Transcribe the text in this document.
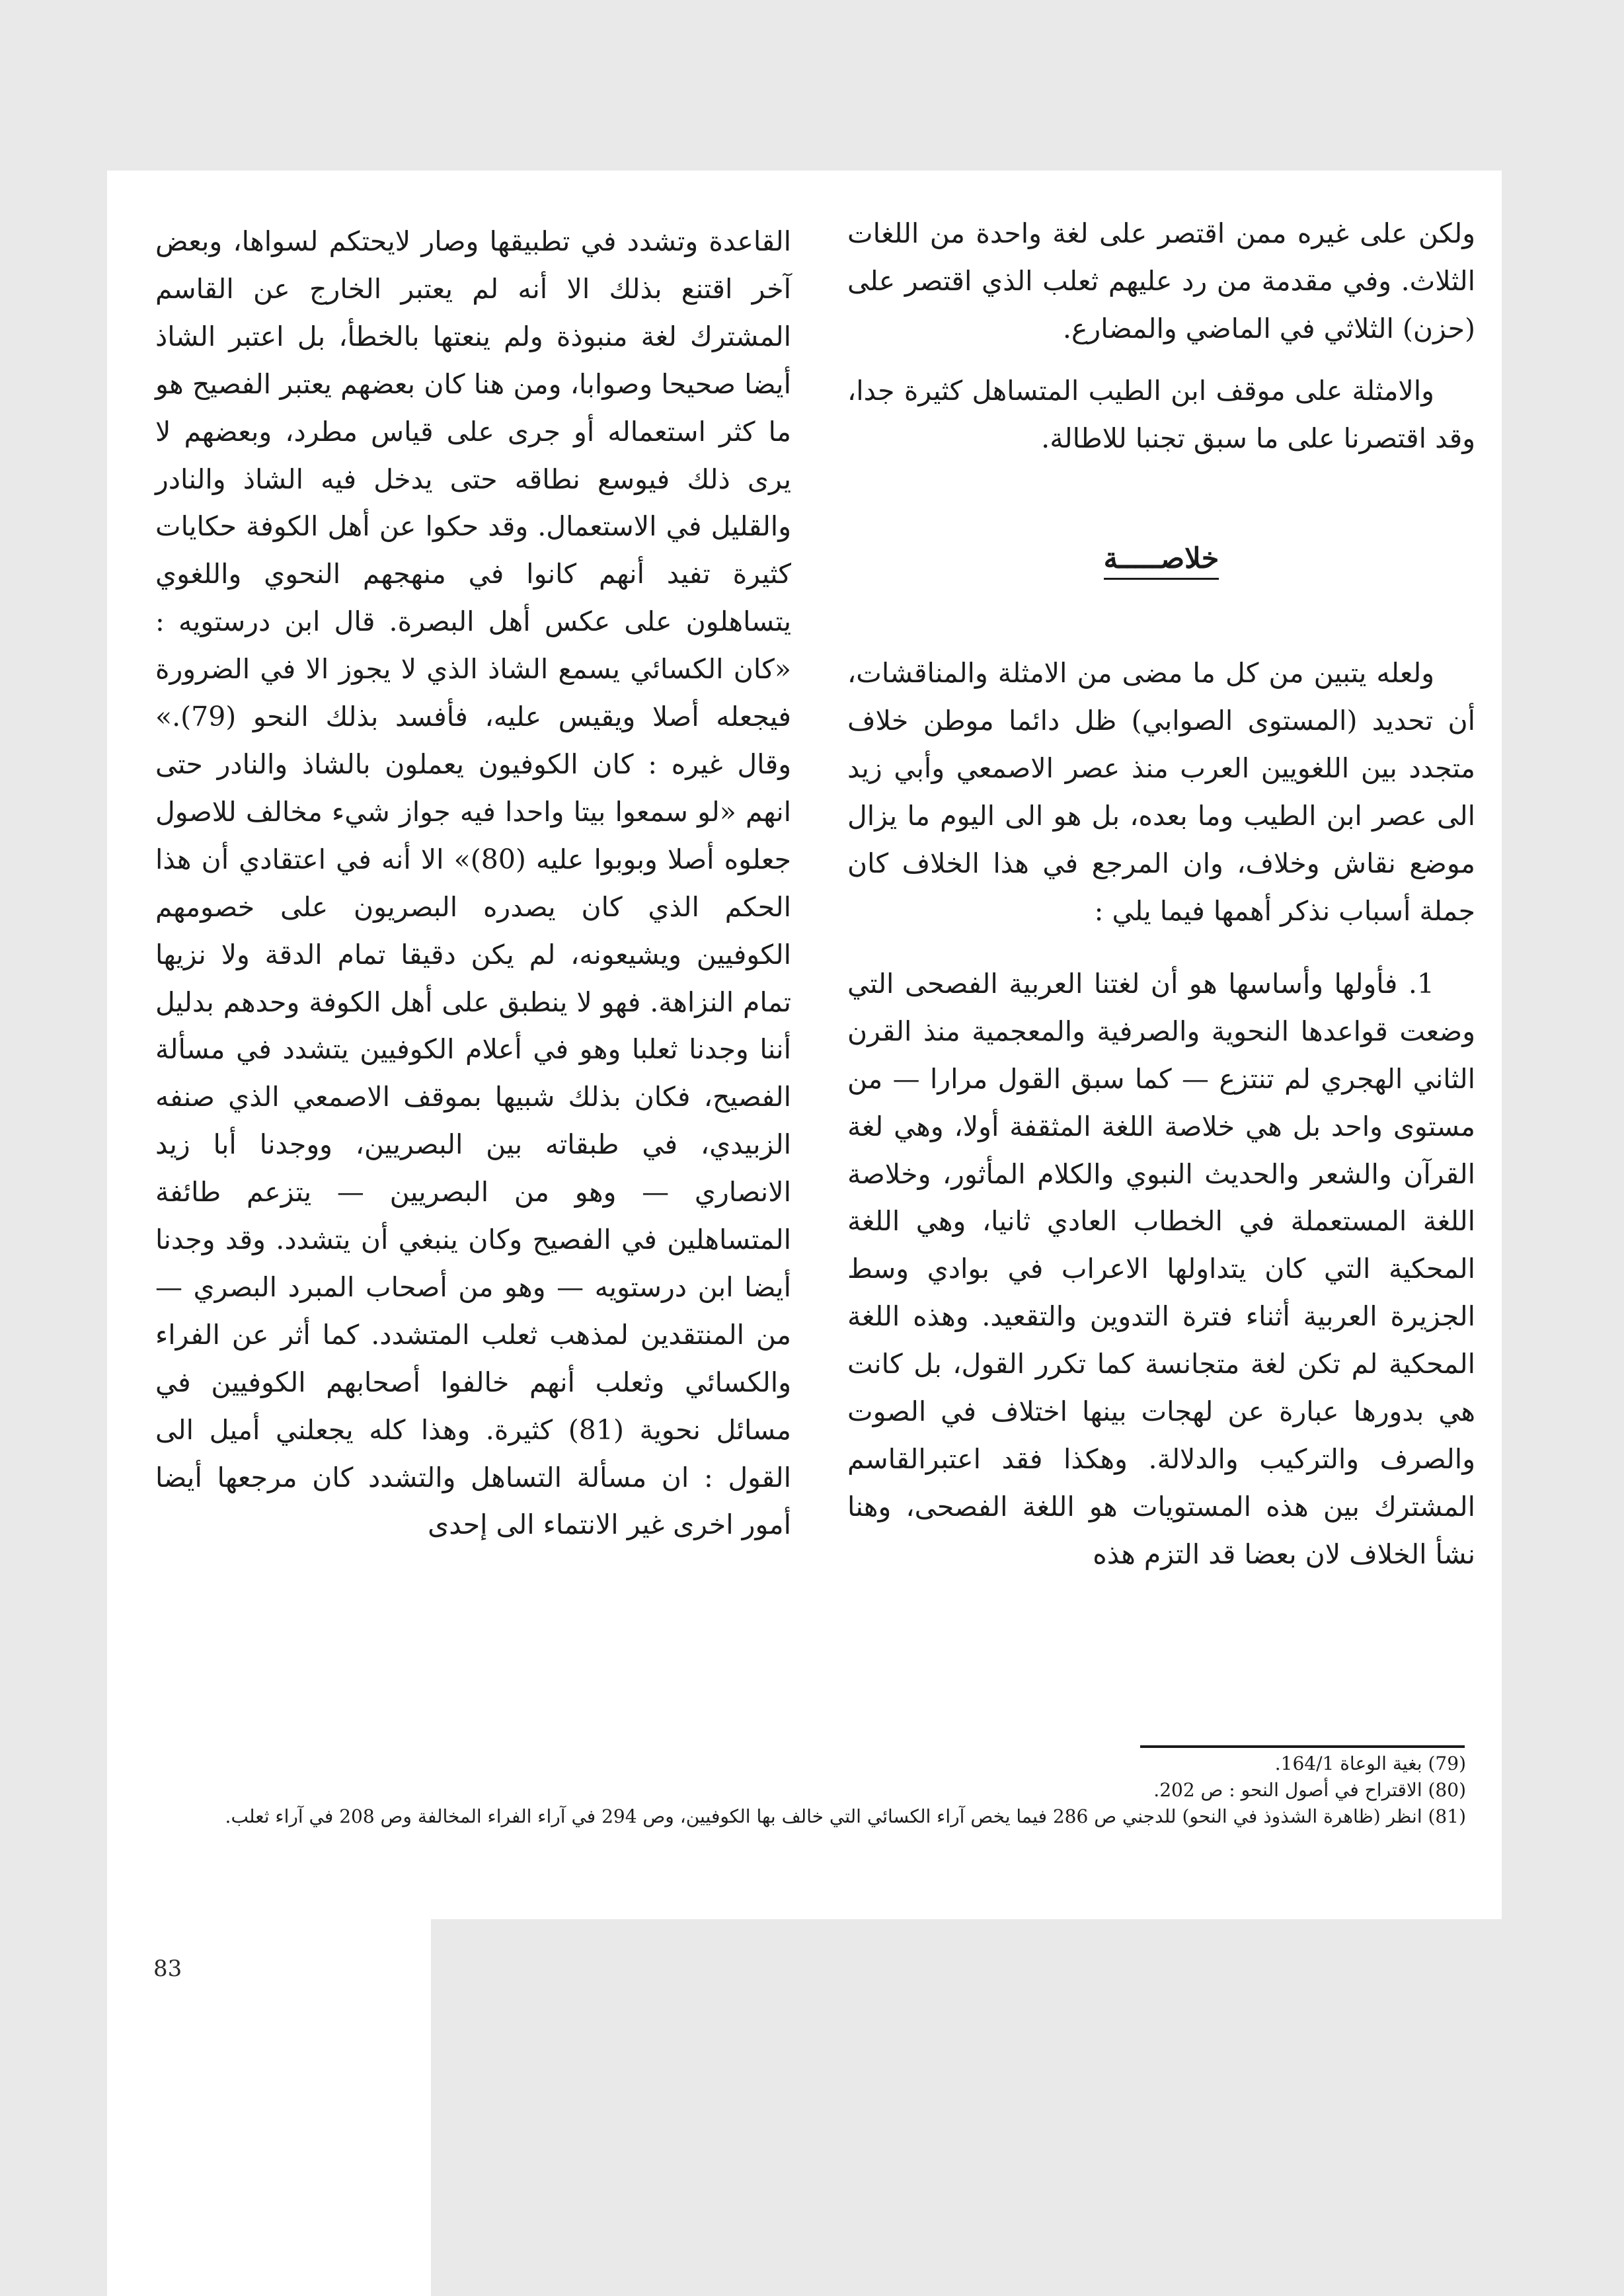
ولكن على غيره ممن اقتصر على لغة واحدة من اللغات الثلاث. وفي مقدمة من رد عليهم ثعلب الذي اقتصر على (حزن) الثلاثي في الماضي والمضارع.

والامثلة على موقف ابن الطيب المتساهل كثيرة جدا، وقد اقتصرنا على ما سبق تجنبا للاطالة.

خلاصـــــة

ولعله يتبين من كل ما مضى من الامثلة والمناقشات، أن تحديد (المستوى الصوابي) ظل دائما موطن خلاف متجدد بين اللغويين العرب منذ عصر الاصمعي وأبي زيد الى عصر ابن الطيب وما بعده، بل هو الى اليوم ما يزال موضع نقاش وخلاف، وان المرجع في هذا الخلاف كان جملة أسباب نذكر أهمها فيما يلي :

1. فأولها وأساسها هو أن لغتنا العربية الفصحى التي وضعت قواعدها النحوية والصرفية والمعجمية منذ القرن الثاني الهجري لم تنتزع — كما سبق القول مرارا — من مستوى واحد بل هي خلاصة اللغة المثقفة أولا، وهي لغة القرآن والشعر والحديث النبوي والكلام المأثور، وخلاصة اللغة المستعملة في الخطاب العادي ثانيا، وهي اللغة المحكية التي كان يتداولها الاعراب في بوادي وسط الجزيرة العربية أثناء فترة التدوين والتقعيد. وهذه اللغة المحكية لم تكن لغة متجانسة كما تكرر القول، بل كانت هي بدورها عبارة عن لهجات بينها اختلاف في الصوت والصرف والتركيب والدلالة. وهكذا فقد اعتبرالقاسم المشترك بين هذه المستويات هو اللغة الفصحى، وهنا نشأ الخلاف لان بعضا قد التزم هذه

القاعدة وتشدد في تطبيقها وصار لايحتكم لسواها، وبعض آخر اقتنع بذلك الا أنه لم يعتبر الخارج عن القاسم المشترك لغة منبوذة ولم ينعتها بالخطأ، بل اعتبر الشاذ أيضا صحيحا وصوابا، ومن هنا كان بعضهم يعتبر الفصيح هو ما كثر استعماله أو جرى على قياس مطرد، وبعضهم لا يرى ذلك فيوسع نطاقه حتى يدخل فيه الشاذ والنادر والقليل في الاستعمال. وقد حكوا عن أهل الكوفة حكايات كثيرة تفيد أنهم كانوا في منهجهم النحوي واللغوي يتساهلون على عكس أهل البصرة. قال ابن درستويه : «كان الكسائي يسمع الشاذ الذي لا يجوز الا في الضرورة فيجعله أصلا ويقيس عليه، فأفسد بذلك النحو (79).» وقال غيره : كان الكوفيون يعملون بالشاذ والنادر حتى انهم «لو سمعوا بيتا واحدا فيه جواز شيء مخالف للاصول جعلوه أصلا وبوبوا عليه (80)» الا أنه في اعتقادي أن هذا الحكم الذي كان يصدره البصريون على خصومهم الكوفيين ويشيعونه، لم يكن دقيقا تمام الدقة ولا نزيها تمام النزاهة. فهو لا ينطبق على أهل الكوفة وحدهم بدليل أننا وجدنا ثعلبا وهو في أعلام الكوفيين يتشدد في مسألة الفصيح، فكان بذلك شبيها بموقف الاصمعي الذي صنفه الزبيدي، في طبقاته بين البصريين، ووجدنا أبا زيد الانصاري — وهو من البصريين — يتزعم طائفة المتساهلين في الفصيح وكان ينبغي أن يتشدد. وقد وجدنا أيضا ابن درستويه — وهو من أصحاب المبرد البصري — من المنتقدين لمذهب ثعلب المتشدد. كما أثر عن الفراء والكسائي وثعلب أنهم خالفوا أصحابهم الكوفيين في مسائل نحوية (81) كثيرة. وهذا كله يجعلني أميل الى القول : ان مسألة التساهل والتشدد كان مرجعها أيضا أمور اخرى غير الانتماء الى إحدى

(79) بغية الوعاة 164/1.

(80) الاقتراح في أصول النحو : ص 202.

(81) انظر (ظاهرة الشذوذ في النحو) للدجني ص 286 فيما يخص آراء الكسائي التي خالف بها الكوفيين، وص 294 في آراء الفراء المخالفة وص 208 في آراء ثعلب.

83
